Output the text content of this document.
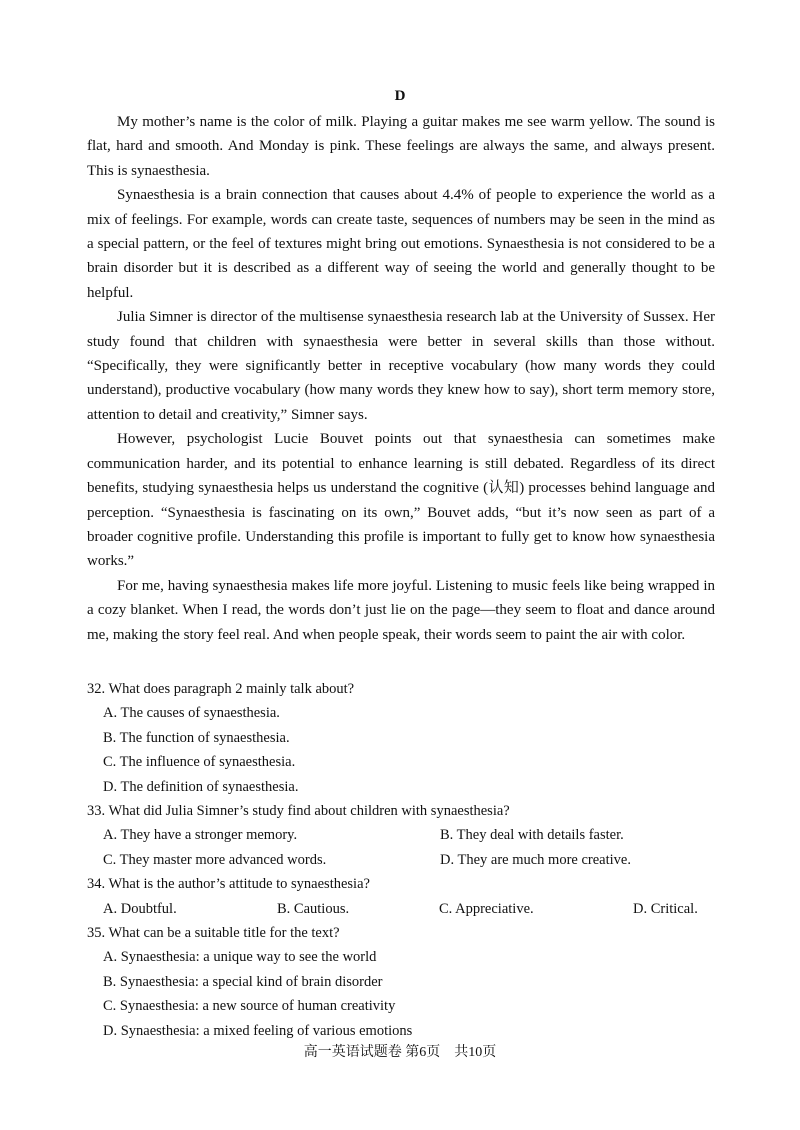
D

My mother’s name is the color of milk. Playing a guitar makes me see warm yellow. The sound is flat, hard and smooth. And Monday is pink. These feelings are always the same, and always present. This is synaesthesia.

Synaesthesia is a brain connection that causes about 4.4% of people to experience the world as a mix of feelings. For example, words can create taste, sequences of numbers may be seen in the mind as a special pattern, or the feel of textures might bring out emotions. Synaesthesia is not considered to be a brain disorder but it is described as a different way of seeing the world and generally thought to be helpful.

Julia Simner is director of the multisense synaesthesia research lab at the University of Sussex. Her study found that children with synaesthesia were better in several skills than those without. “Specifically, they were significantly better in receptive vocabulary (how many words they could understand), productive vocabulary (how many words they knew how to say), short term memory store, attention to detail and creativity,” Simner says.

However, psychologist Lucie Bouvet points out that synaesthesia can sometimes make communication harder, and its potential to enhance learning is still debated. Regardless of its direct benefits, studying synaesthesia helps us understand the cognitive (认知) processes behind language and perception. “Synaesthesia is fascinating on its own,” Bouvet adds, “but it’s now seen as part of a broader cognitive profile. Understanding this profile is important to fully get to know how synaesthesia works.”

For me, having synaesthesia makes life more joyful. Listening to music feels like being wrapped in a cozy blanket. When I read, the words don’t just lie on the page—they seem to float and dance around me, making the story feel real. And when people speak, their words seem to paint the air with color.

32. What does paragraph 2 mainly talk about?
A. The causes of synaesthesia.
B. The function of synaesthesia.
C. The influence of synaesthesia.
D. The definition of synaesthesia.
33. What did Julia Simner’s study find about children with synaesthesia?
A. They have a stronger memory.	B. They deal with details faster.
C. They master more advanced words.	D. They are much more creative.
34. What is the author’s attitude to synaesthesia?
A. Doubtful.	B. Cautious.	C. Appreciative.	D. Critical.
35. What can be a suitable title for the text?
A. Synaesthesia: a unique way to see the world
B. Synaesthesia: a special kind of brain disorder
C. Synaesthesia: a new source of human creativity
D. Synaesthesia: a mixed feeling of various emotions
高一英语试题卷 第6页　共10页
